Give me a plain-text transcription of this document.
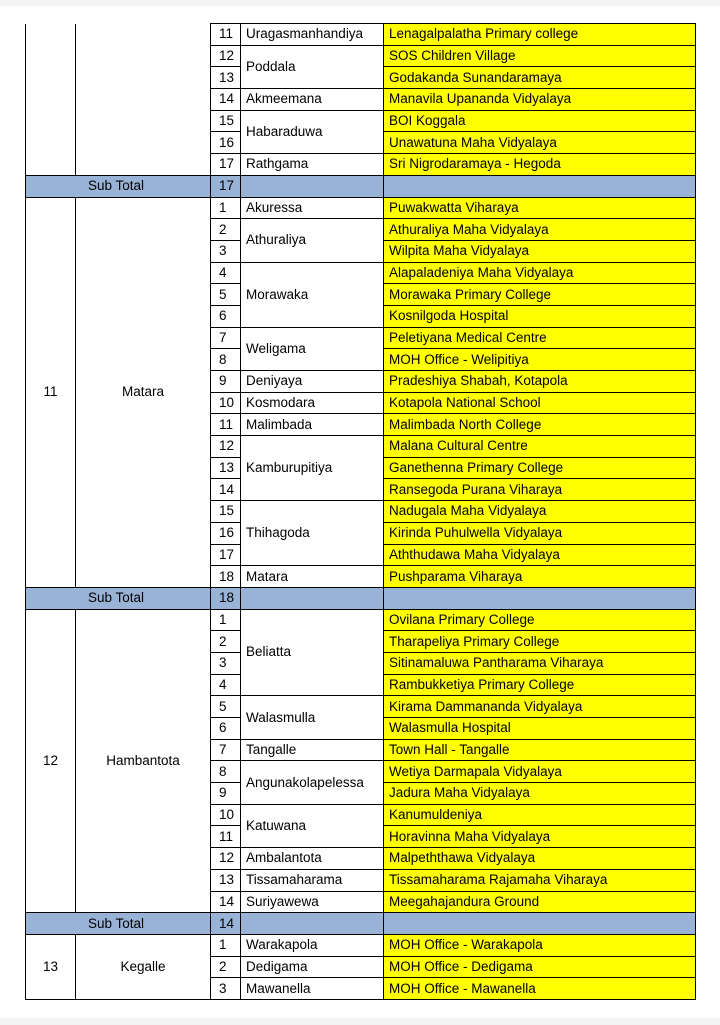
		11	Uragasmanhandiya	Lenagalpalatha Primary college
		12	Poddala	SOS Children Village
		13		Godakanda Sunandaramaya
		14	Akmeemana	Manavila Upananda Vidyalaya
		15	Habaraduwa	BOI Koggala
		16		Unawatuna Maha Vidyalaya
		17	Rathgama	Sri Nigrodaramaya - Hegoda
Sub Total		17		
11	Matara	1	Akuressa	Puwakwatta Viharaya
		2	Athuraliya	Athuraliya Maha Vidyalaya
		3		Wilpita Maha Vidyalaya
		4	Morawaka	Alapaladeniya Maha Vidyalaya
		5		Morawaka Primary College
		6		Kosnilgoda Hospital
		7	Weligama	Peletiyana Medical Centre
		8		MOH Office - Welipitiya
		9	Deniyaya	Pradeshiya Shabah, Kotapola
		10	Kosmodara	Kotapola National School
		11	Malimbada	Malimbada North College
		12	Kamburupitiya	Malana Cultural Centre
		13		Ganethenna Primary College
		14		Ransegoda Purana Viharaya
		15	Thihagoda	Nadugala Maha Vidyalaya
		16		Kirinda Puhulwella Vidyalaya
		17		Aththudawa Maha Vidyalaya
		18	Matara	Pushparama Viharaya
Sub Total		18		
12	Hambantota	1	Beliatta	Ovilana Primary College
		2		Tharapeliya Primary College
		3		Sitinamaluwa Pantharama Viharaya
		4		Rambukketiya Primary College
		5	Walasmulla	Kirama Dammananda Vidyalaya
		6		Walasmulla Hospital
		7	Tangalle	Town Hall - Tangalle
		8	Angunakolapelessa	Wetiya Darmapala Vidyalaya
		9		Jadura Maha Vidyalaya
		10	Katuwana	Kanumuldeniya
		11		Horavinna Maha Vidyalaya
		12	Ambalantota	Malpeththawa Vidyalaya
		13	Tissamaharama	Tissamaharama Rajamaha Viharaya
		14	Suriyawewa	Meegahajandura Ground
Sub Total		14		
13	Kegalle	1	Warakapola	MOH Office - Warakapola
		2	Dedigama	MOH Office - Dedigama
		3	Mawanella	MOH Office - Mawanella
